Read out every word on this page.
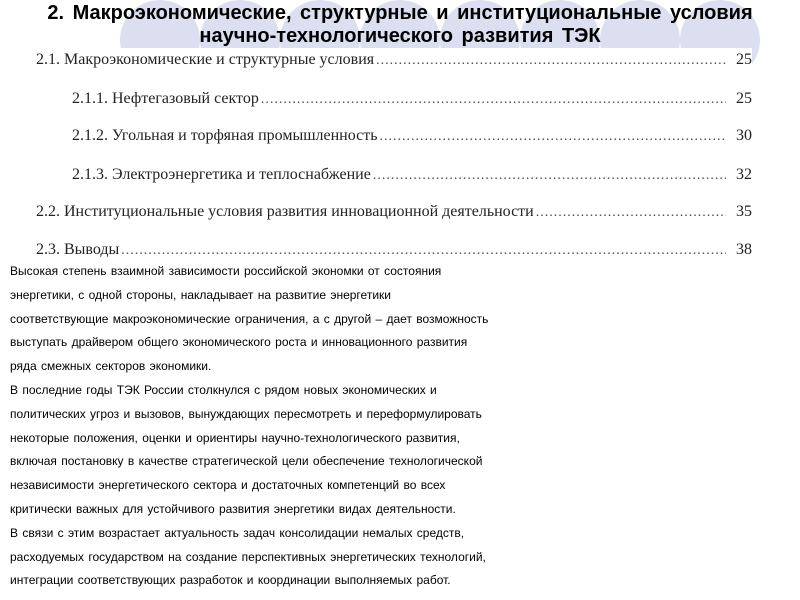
2. Макроэкономические, структурные и институциональные условия
научно-технологического развития ТЭК
2.1. Макроэкономические и структурные условия .....	25
2.1.1. Нефтегазовый сектор .....	25
2.1.2. Угольная и торфяная промышленность .....	30
2.1.3. Электроэнергетика и теплоснабжение .....	32
2.2. Институциональные условия развития инновационной деятельности .....	35
2.3. Выводы .....	38
Высокая степень взаимной зависимости российской экономки от состояния
энергетики, с одной стороны, накладывает на развитие энергетики
соответствующие макроэкономические ограничения, а с другой – дает возможность
выступать драйвером общего экономического роста и инновационного развития
ряда смежных секторов экономики.
В последние годы ТЭК России столкнулся с рядом новых экономических и
политических угроз и вызовов, вынуждающих пересмотреть и переформулировать
некоторые положения, оценки и ориентиры научно-технологического развития,
включая постановку в качестве стратегической цели обеспечение технологической
независимости энергетического сектора и достаточных компетенций во всех
критически важных для устойчивого развития энергетики видах деятельности.
В связи с этим возрастает актуальность задач консолидации немалых средств,
расходуемых государством на создание перспективных энергетических технологий,
интеграции соответствующих разработок и координации выполняемых работ.
